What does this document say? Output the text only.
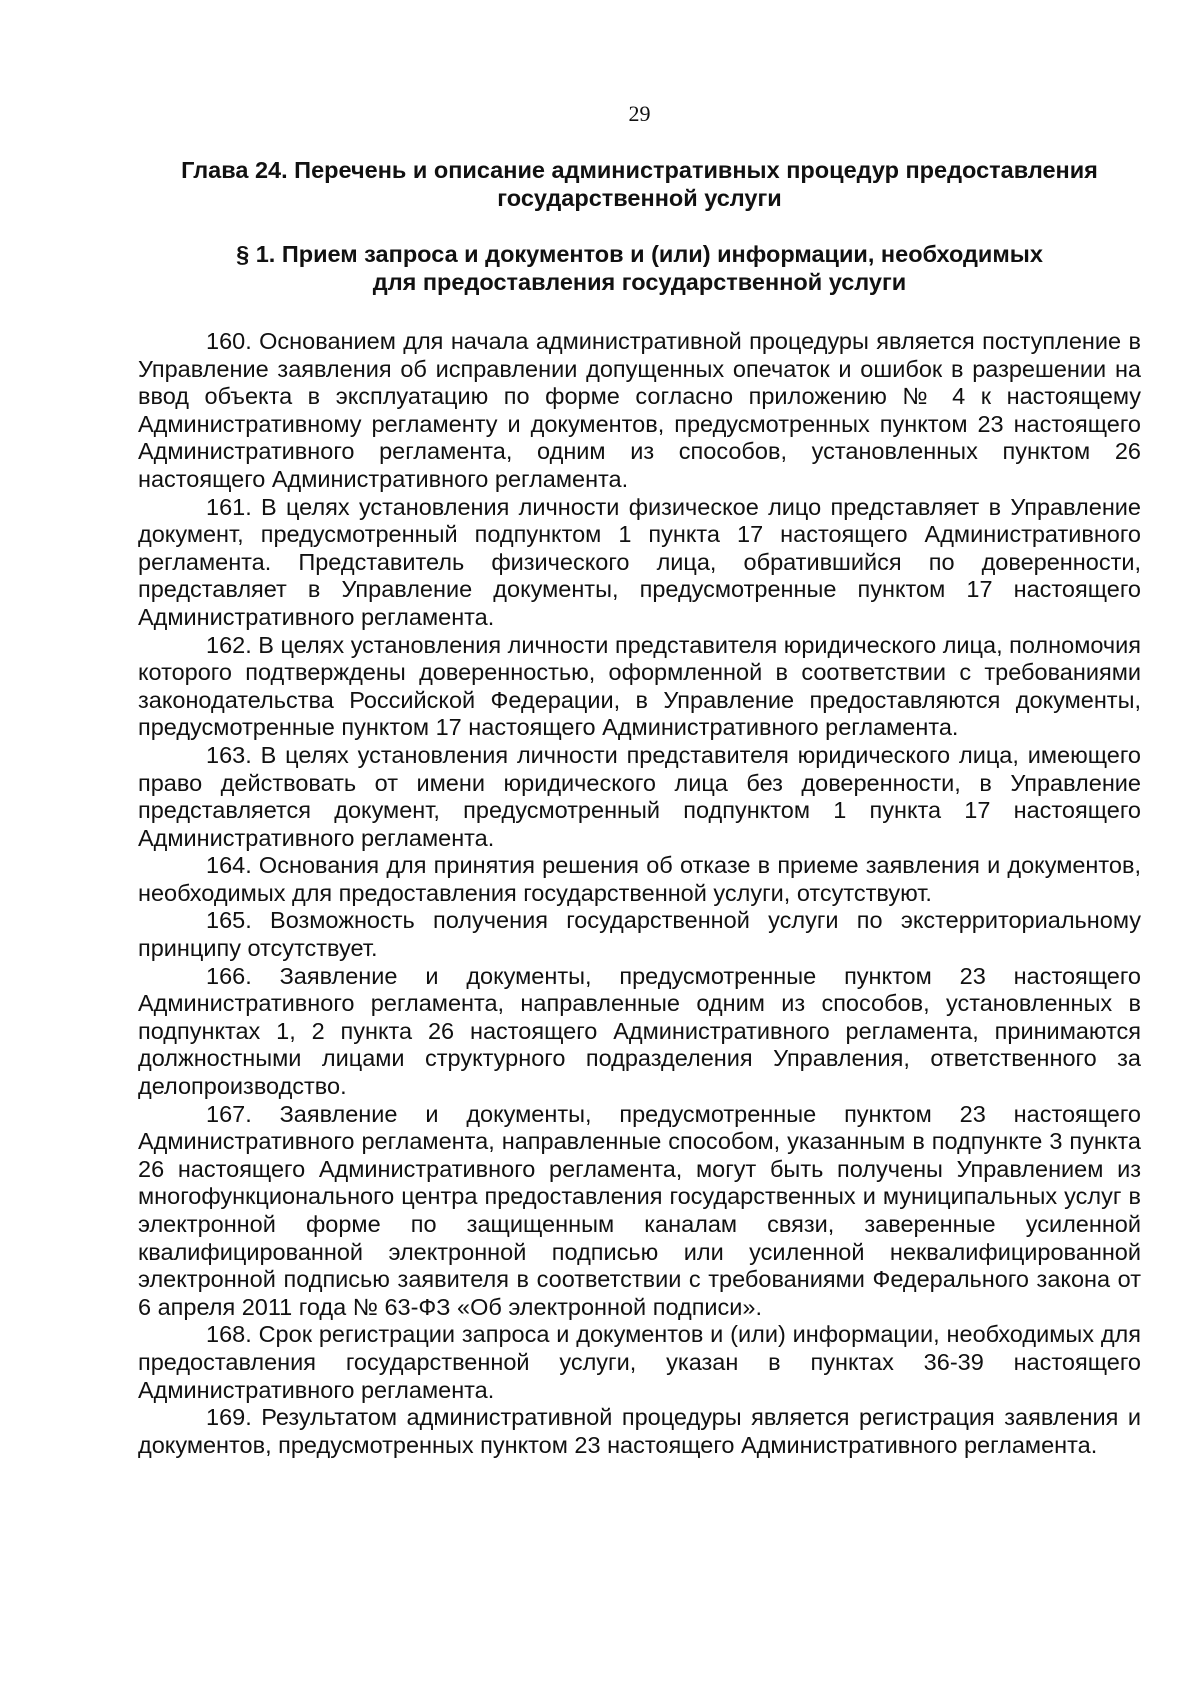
29

Глава 24. Перечень и описание административных процедур предоставления

государственной услуги

§ 1. Прием запроса и документов и (или) информации, необходимых

для предоставления государственной услуги

160. Основанием для начала административной процедуры является поступление в Управление заявления об исправлении допущенных опечаток и ошибок в разрешении на ввод объекта в эксплуатацию по форме согласно приложению № 4 к настоящему Административному регламенту и документов, предусмотренных пунктом 23 настоящего Административного регламента, одним из способов, установленных пунктом 26 настоящего Административного регламента.

161. В целях установления личности физическое лицо представляет в Управление документ, предусмотренный подпунктом 1 пункта 17 настоящего Административного регламента. Представитель физического лица, обратившийся по доверенности, представляет в Управление документы, предусмотренные пунктом 17 настоящего Административного регламента.

162. В целях установления личности представителя юридического лица, полномочия которого подтверждены доверенностью, оформленной в соответствии с требованиями законодательства Российской Федерации, в Управление предоставляются документы, предусмотренные пунктом 17 настоящего Административного регламента.

163. В целях установления личности представителя юридического лица, имеющего право действовать от имени юридического лица без доверенности, в Управление представляется документ, предусмотренный подпунктом 1 пункта 17 настоящего Административного регламента.

164. Основания для принятия решения об отказе в приеме заявления и документов, необходимых для предоставления государственной услуги, отсутствуют.

165. Возможность получения государственной услуги по экстерриториальному принципу отсутствует.

166. Заявление и документы, предусмотренные пунктом 23 настоящего Административного регламента, направленные одним из способов, установленных в подпунктах 1, 2 пункта 26 настоящего Административного регламента, принимаются должностными лицами структурного подразделения Управления, ответственного за делопроизводство.

167. Заявление и документы, предусмотренные пунктом 23 настоящего Административного регламента, направленные способом, указанным в подпункте 3 пункта 26 настоящего Административного регламента, могут быть получены Управлением из многофункционального центра предоставления государственных и муниципальных услуг в электронной форме по защищенным каналам связи, заверенные усиленной квалифицированной электронной подписью или усиленной неквалифицированной электронной подписью заявителя в соответствии с требованиями Федерального закона от 6 апреля 2011 года № 63-ФЗ «Об электронной подписи».

168. Срок регистрации запроса и документов и (или) информации, необходимых для предоставления государственной услуги, указан в пунктах 36-39 настоящего Административного регламента.

169. Результатом административной процедуры является регистрация заявления и документов, предусмотренных пунктом 23 настоящего Административного регламента.
